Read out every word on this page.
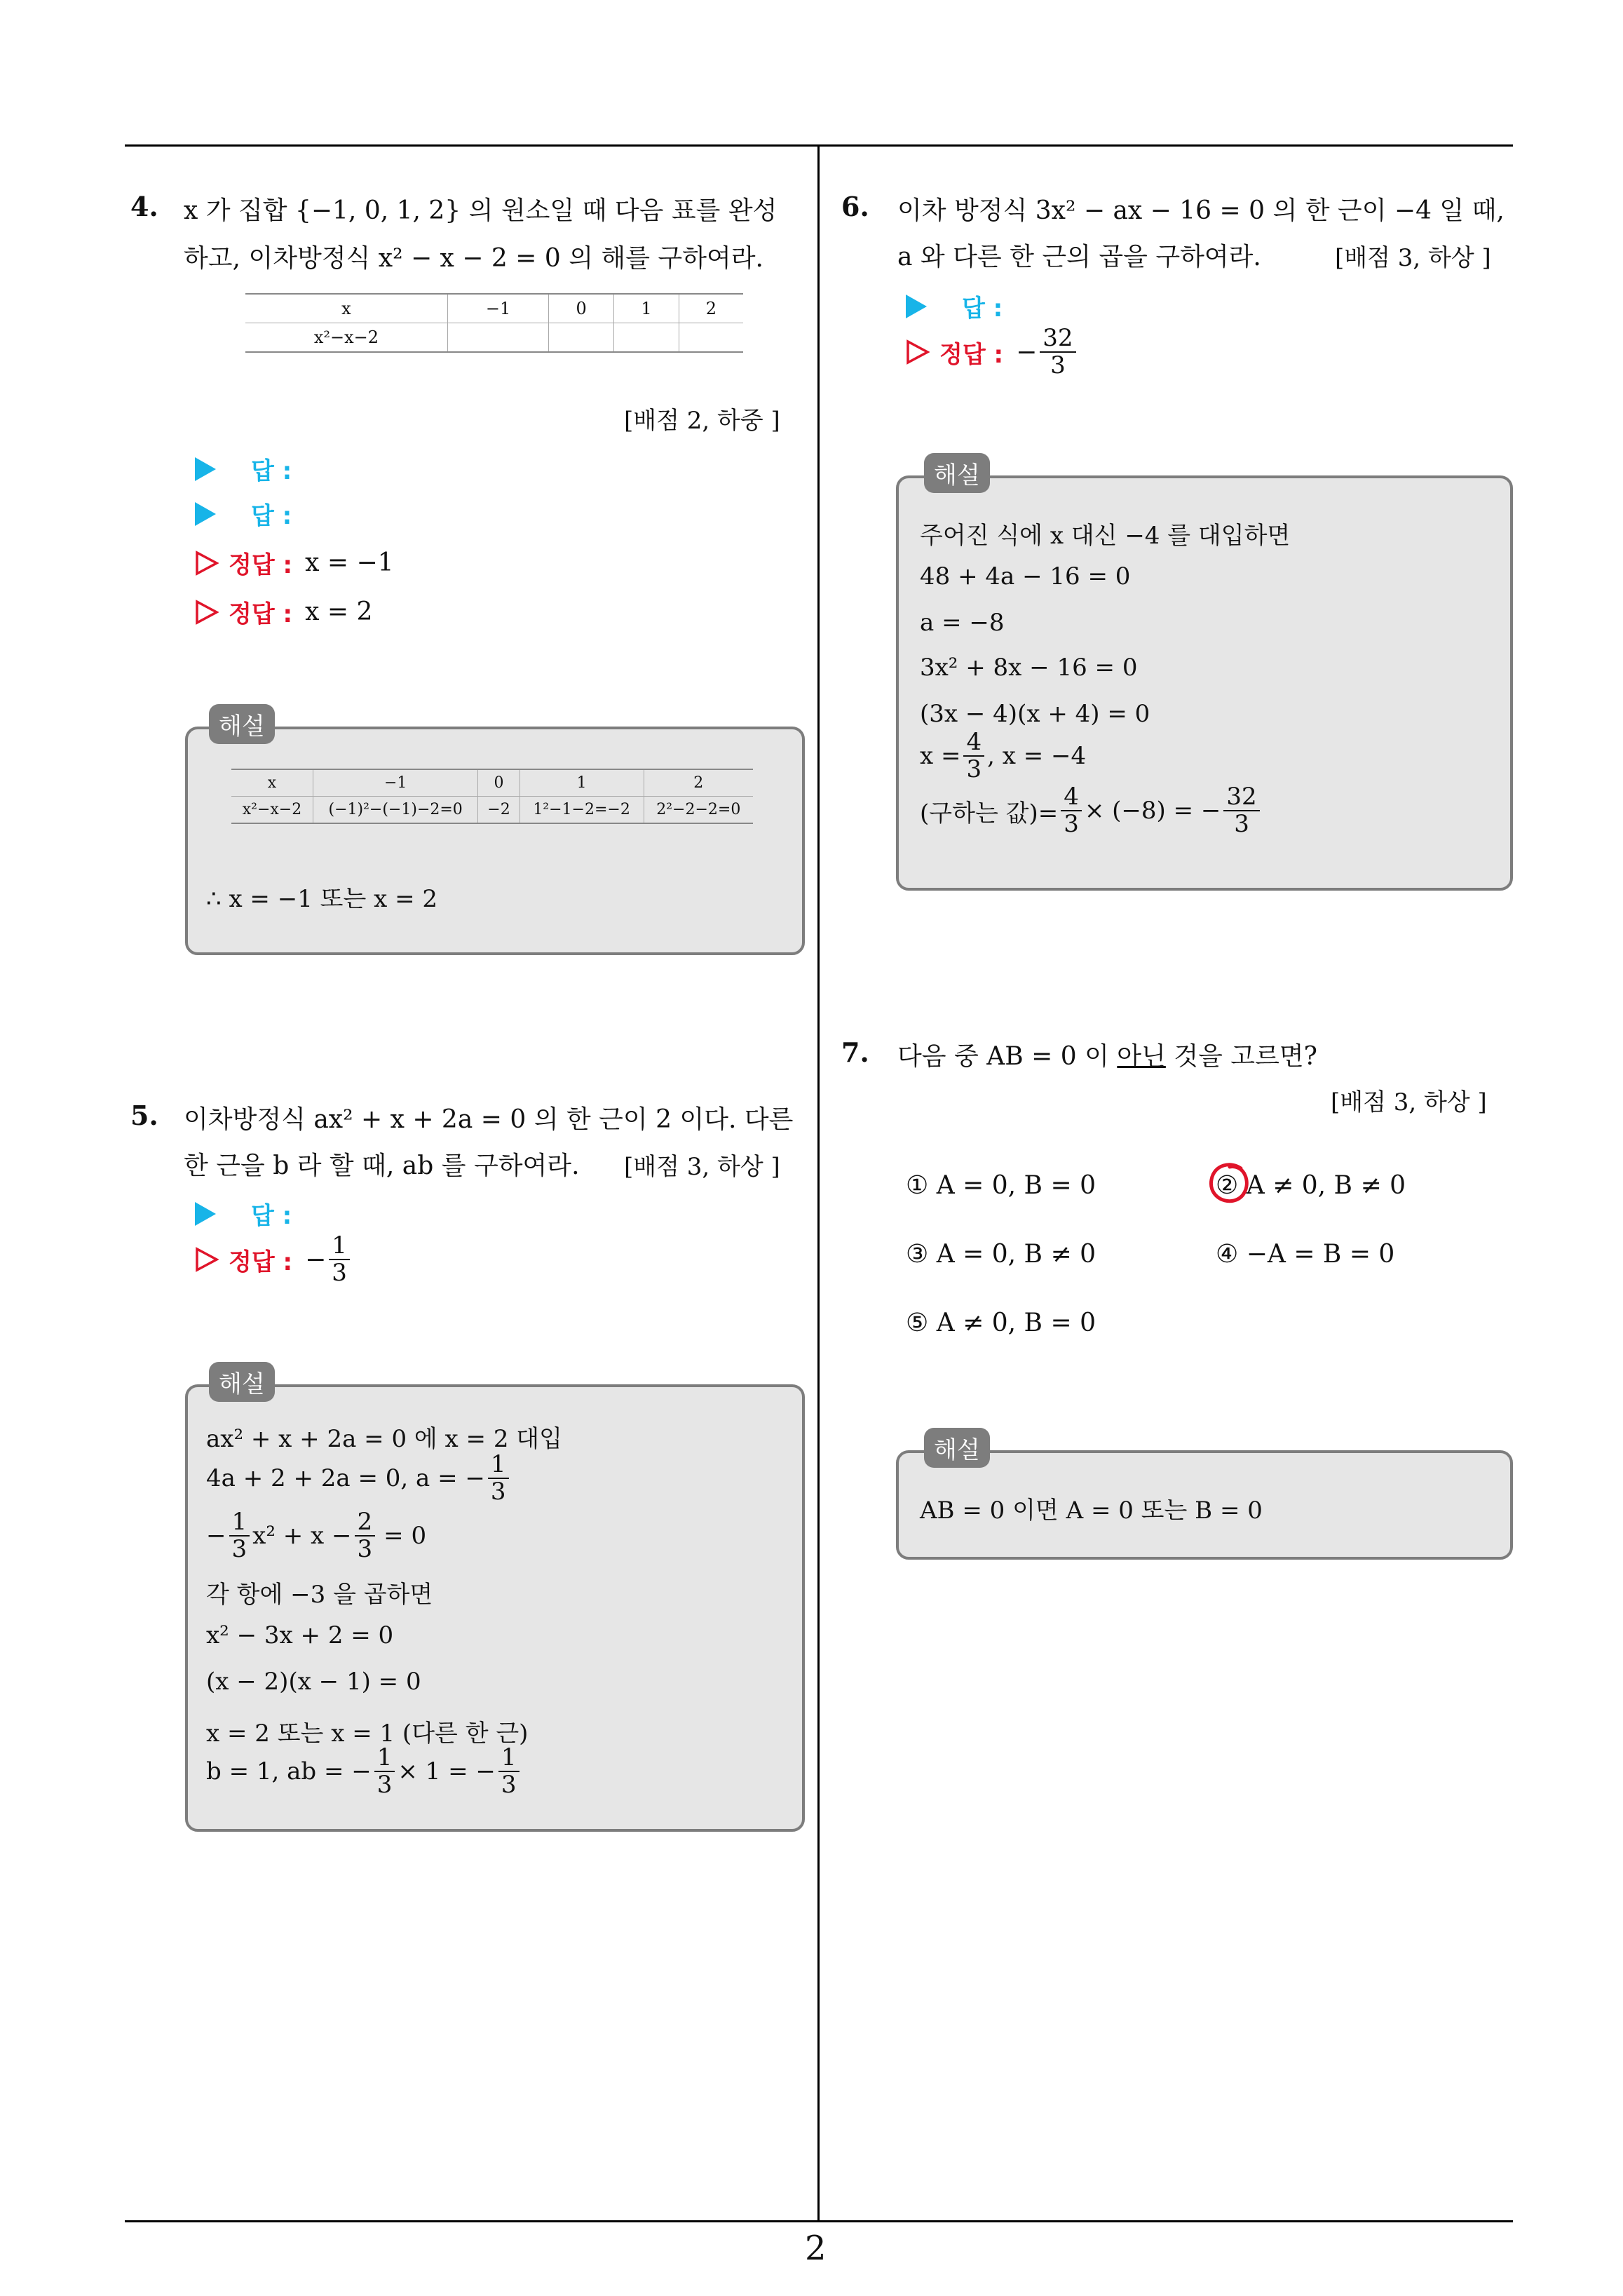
2
4. x 가 집합 {−1, 0, 1, 2} 의 원소일 때 다음 표를 완성
하고, 이차방정식 x² − x − 2 = 0 의 해를 구하여라.
x	−1	0	1	2
x²−x−2				
[배점 2, 하중 ]
답 :
답 :
정답 : x = −1
정답 : x = 2
해설
x	−1	0	1	2
x²−x−2	(−1)²−(−1)−2=0	−2	1²−1−2=−2	2²−2−2=0
∴ x = −1 또는 x = 2
5. 이차방정식 ax² + x + 2a = 0 의 한 근이 2 이다. 다른
한 근을 b 라 할 때, ab 를 구하여라. [배점 3, 하상 ]
답 :
정답 : − $\frac{1}{3}$
해설
ax² + x + 2a = 0 에 x = 2 대입
4a + 2 + 2a = 0, a = − $\frac{1}{3}$
− $\frac{1}{3} x^2 + x - \frac{2}{3} = 0$
각 항에 −3 을 곱하면
x² − 3x + 2 = 0
(x − 2)(x − 1) = 0
x = 2 또는 x = 1 (다른 한 근)
b = 1, ab = − $\frac{1}{3} \times 1$ = − $\frac{1}{3}$
6. 이차 방정식 3x² − ax − 16 = 0 의 한 근이 −4 일 때,
a 와 다른 한 근의 곱을 구하여라.	[배점 3, 하상 ]
답 :
정답 : − $\frac{32}{3}$
해설
주어진 식에 x 대신 −4 를 대입하면
48 + 4a − 16 = 0
a = −8
3x² + 8x − 16 = 0
(3x − 4)(x + 4) = 0
$x = \frac{4}{3}$ , x = −4
(구하는 값)= $\frac{4}{3} \times (-8)$ = − $\frac{32}{3}$
7. 다음 중 AB = 0 이 아닌 것을 고르면?
[배점 3, 하상 ]
① A = 0, B = 0	② A ≠ 0, B ≠ 0
③ A = 0, B ≠ 0	④ −A = B = 0
⑤ A ≠ 0, B = 0
해설
AB = 0 이면 A = 0 또는 B = 0
